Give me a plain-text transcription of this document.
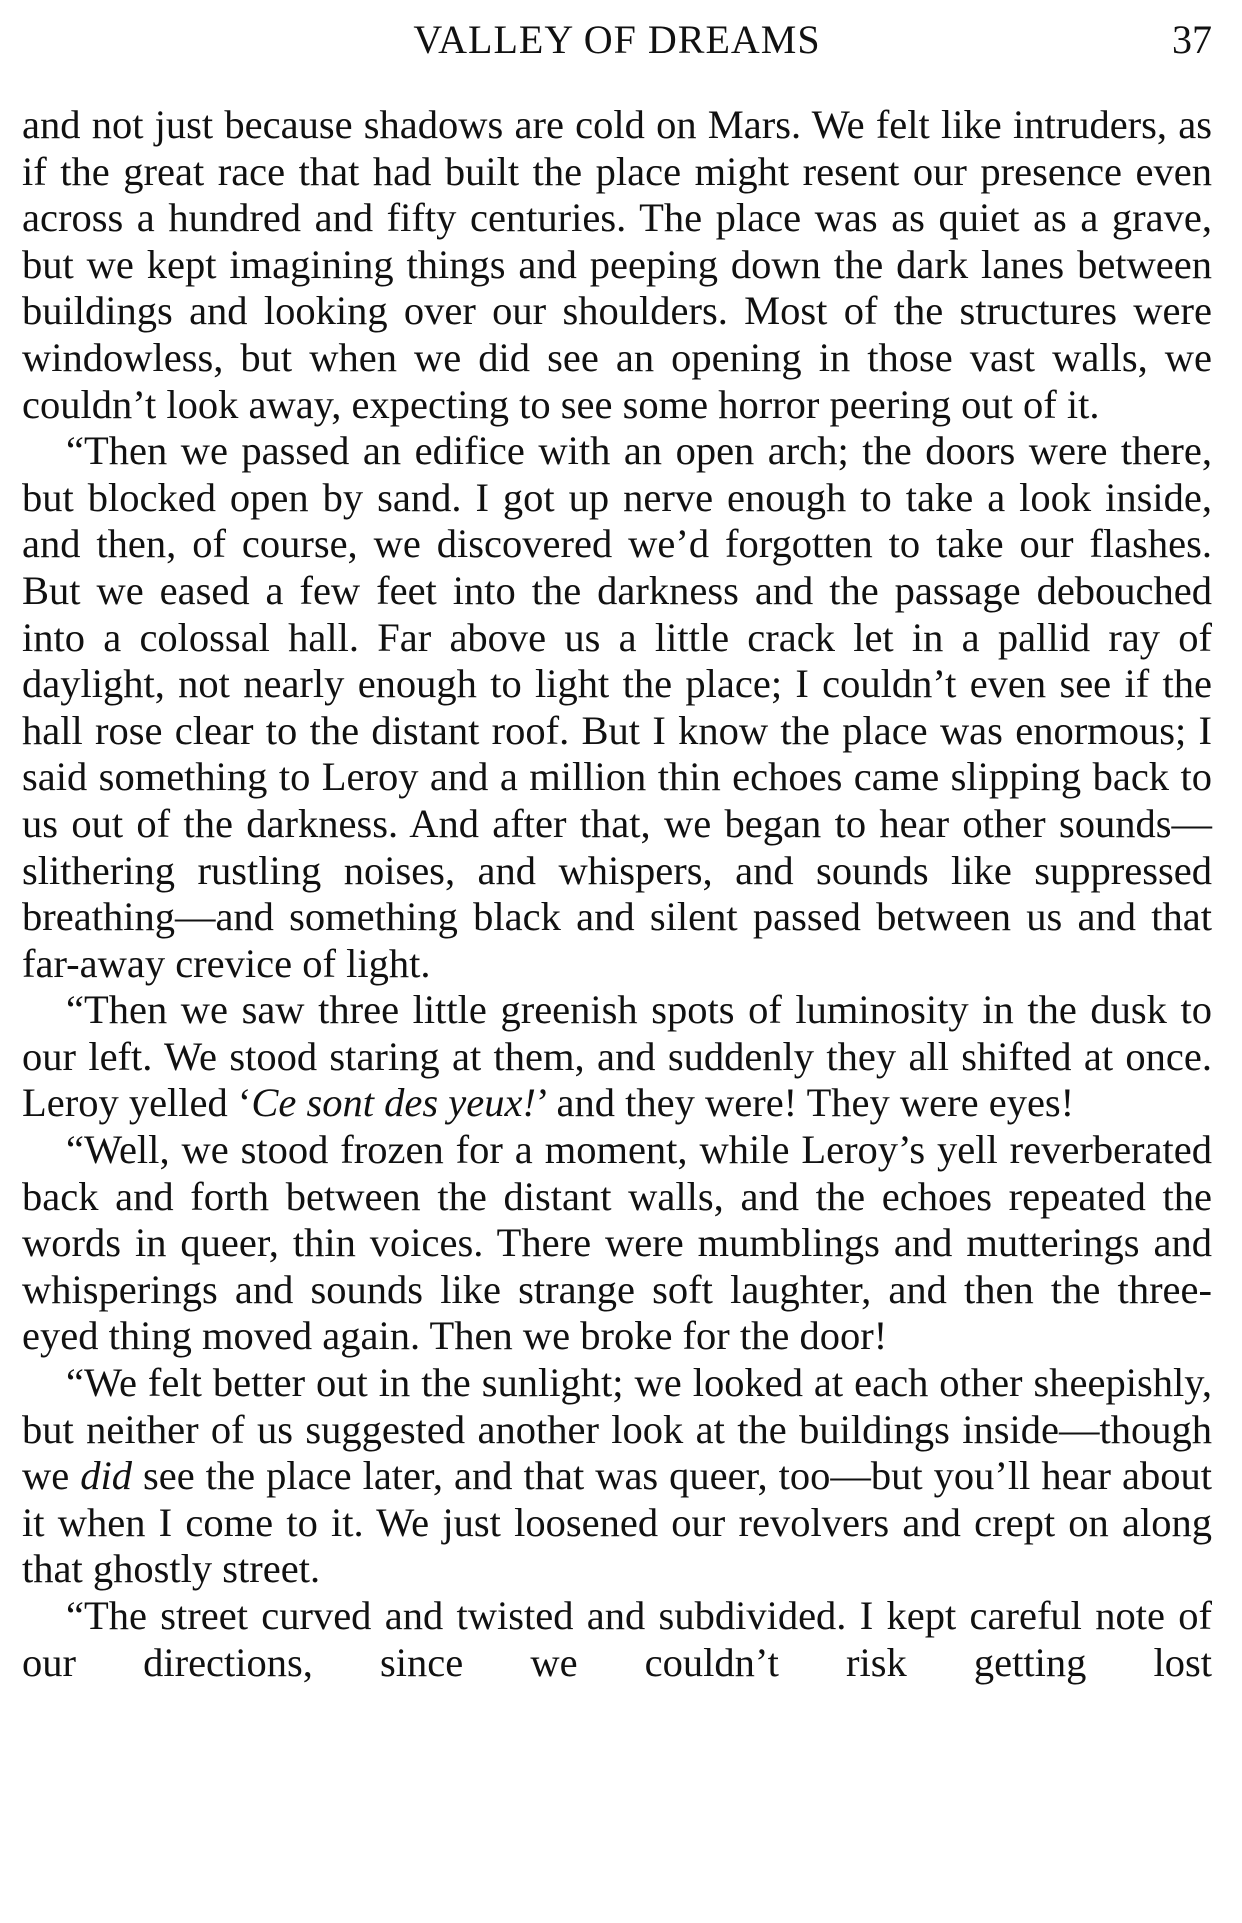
VALLEY OF DREAMS	37

and not just because shadows are cold on Mars. We felt like intruders, as if the great race that had built the place might resent our presence even across a hundred and fifty centuries. The place was as quiet as a grave, but we kept imagining things and peeping down the dark lanes between buildings and looking over our shoulders. Most of the structures were windowless, but when we did see an opening in those vast walls, we couldn’t look away, expecting to see some horror peering out of it.

“Then we passed an edifice with an open arch; the doors were there, but blocked open by sand. I got up nerve enough to take a look inside, and then, of course, we discovered we’d forgotten to take our flashes. But we eased a few feet into the darkness and the passage debouched into a colossal hall. Far above us a little crack let in a pallid ray of daylight, not nearly enough to light the place; I couldn’t even see if the hall rose clear to the distant roof. But I know the place was enormous; I said something to Leroy and a million thin echoes came slipping back to us out of the darkness. And after that, we began to hear other sounds—slithering rustling noises, and whispers, and sounds like suppressed breathing—and something black and silent passed between us and that far-away crevice of light.

“Then we saw three little greenish spots of luminosity in the dusk to our left. We stood staring at them, and suddenly they all shifted at once. Leroy yelled ‘Ce sont des yeux!’ and they were! They were eyes!

“Well, we stood frozen for a moment, while Leroy’s yell reverberated back and forth between the distant walls, and the echoes repeated the words in queer, thin voices. There were mumblings and mutterings and whisperings and sounds like strange soft laughter, and then the three-eyed thing moved again. Then we broke for the door!

“We felt better out in the sunlight; we looked at each other sheepishly, but neither of us suggested another look at the buildings inside—though we did see the place later, and that was queer, too—but you’ll hear about it when I come to it. We just loosened our revolvers and crept on along that ghostly street.

“The street curved and twisted and subdivided. I kept careful note of our directions, since we couldn’t risk getting lost
